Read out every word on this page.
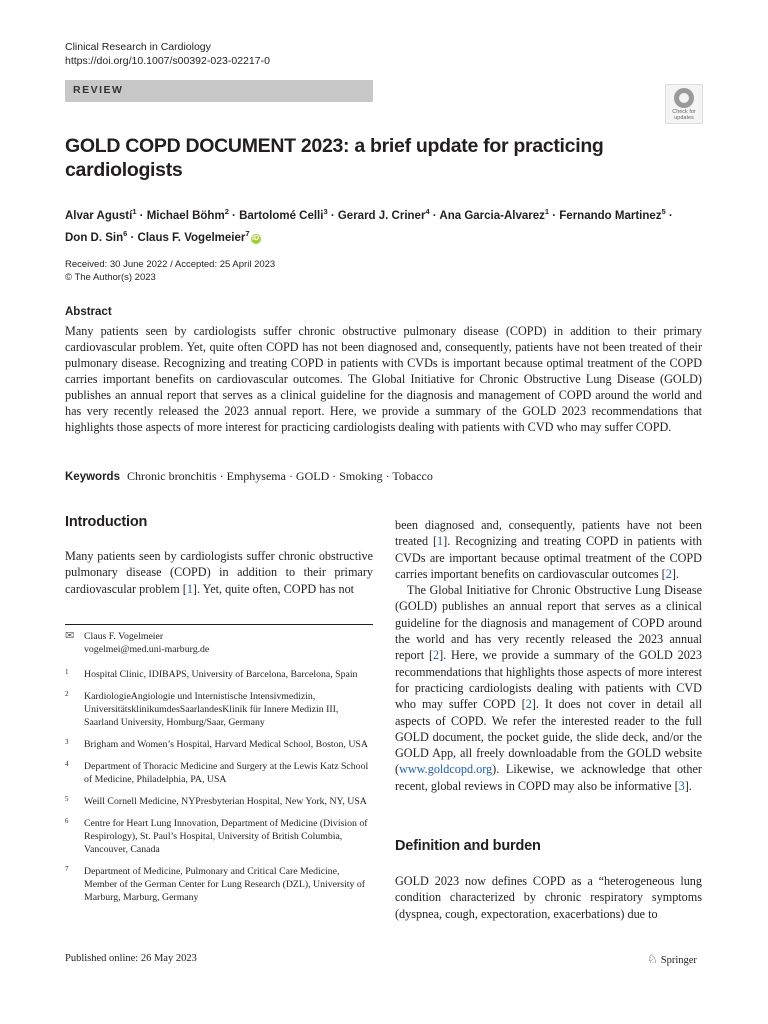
Clinical Research in Cardiology
https://doi.org/10.1007/s00392-023-02217-0
REVIEW
Check for
updates
GOLD COPD DOCUMENT 2023: a brief update for practicing
cardiologists
Alvar Agustí$^1$ · Michael Böhm$^2$ · Bartolomé Celli$^3$ · Gerard J. Criner$^4$ · Ana Garcia-Alvarez$^1$ · Fernando Martinez$^5$ ·
Don D. Sin$^6$ · Claus F. Vogelmeier$^7$iD
Received: 30 June 2022 / Accepted: 25 April 2023
© The Author(s) 2023
Abstract
Many patients seen by cardiologists suffer chronic obstructive pulmonary disease (COPD) in addition to their primary cardiovascular problem. Yet, quite often COPD has not been diagnosed and, consequently, patients have not been treated of their pulmonary disease. Recognizing and treating COPD in patients with CVDs is important because optimal treatment of the COPD carries important benefits on cardiovascular outcomes. The Global Initiative for Chronic Obstructive Lung Disease (GOLD) publishes an annual report that serves as a clinical guideline for the diagnosis and management of COPD around the world and has very recently released the 2023 annual report. Here, we provide a summary of the GOLD 2023 recommendations that highlights those aspects of more interest for practicing cardiologists dealing with patients with CVD who may suffer COPD.
Keywords Chronic bronchitis · Emphysema · GOLD · Smoking · Tobacco
Introduction
Many patients seen by cardiologists suffer chronic obstructive pulmonary disease (COPD) in addition to their primary cardiovascular problem [1]. Yet, quite often, COPD has not
✉ Claus F. Vogelmeier
vogelmei@med.uni-marburg.de
1 Hospital Clinic, IDIBAPS, University of Barcelona, Barcelona, Spain
2 KardiologieAngiologie und Internistische Intensivmedizin, UniversitätsklinikumdesSaarlandesKlinik für Innere Medizin III, Saarland University, Homburg/Saar, Germany
3 Brigham and Women’s Hospital, Harvard Medical School, Boston, USA
4 Department of Thoracic Medicine and Surgery at the Lewis Katz School of Medicine, Philadelphia, PA, USA
5 Weill Cornell Medicine, NYPresbyterian Hospital, New York, NY, USA
6 Centre for Heart Lung Innovation, Department of Medicine (Division of Respirology), St. Paul’s Hospital, University of British Columbia, Vancouver, Canada
7 Department of Medicine, Pulmonary and Critical Care Medicine, Member of the German Center for Lung Research (DZL), University of Marburg, Marburg, Germany

been diagnosed and, consequently, patients have not been treated [1]. Recognizing and treating COPD in patients with CVDs are important because optimal treatment of the COPD carries important benefits on cardiovascular outcomes [2].

The Global Initiative for Chronic Obstructive Lung Disease (GOLD) publishes an annual report that serves as a clinical guideline for the diagnosis and management of COPD around the world and has very recently released the 2023 annual report [2]. Here, we provide a summary of the GOLD 2023 recommendations that highlights those aspects of more interest for practicing cardiologists dealing with patients with CVD who may suffer COPD [2]. It does not cover in detail all aspects of COPD. We refer the interested reader to the full GOLD document, the pocket guide, the slide deck, and/or the GOLD App, all freely downloadable from the GOLD website (www.goldcopd.org). Likewise, we acknowledge that other recent, global reviews in COPD may also be informative [3].

Definition and burden
GOLD 2023 now defines COPD as a “heterogeneous lung condition characterized by chronic respiratory symptoms (dyspnea, cough, expectoration, exacerbations) due to
Published online: 26 May 2023	♘ Springer
